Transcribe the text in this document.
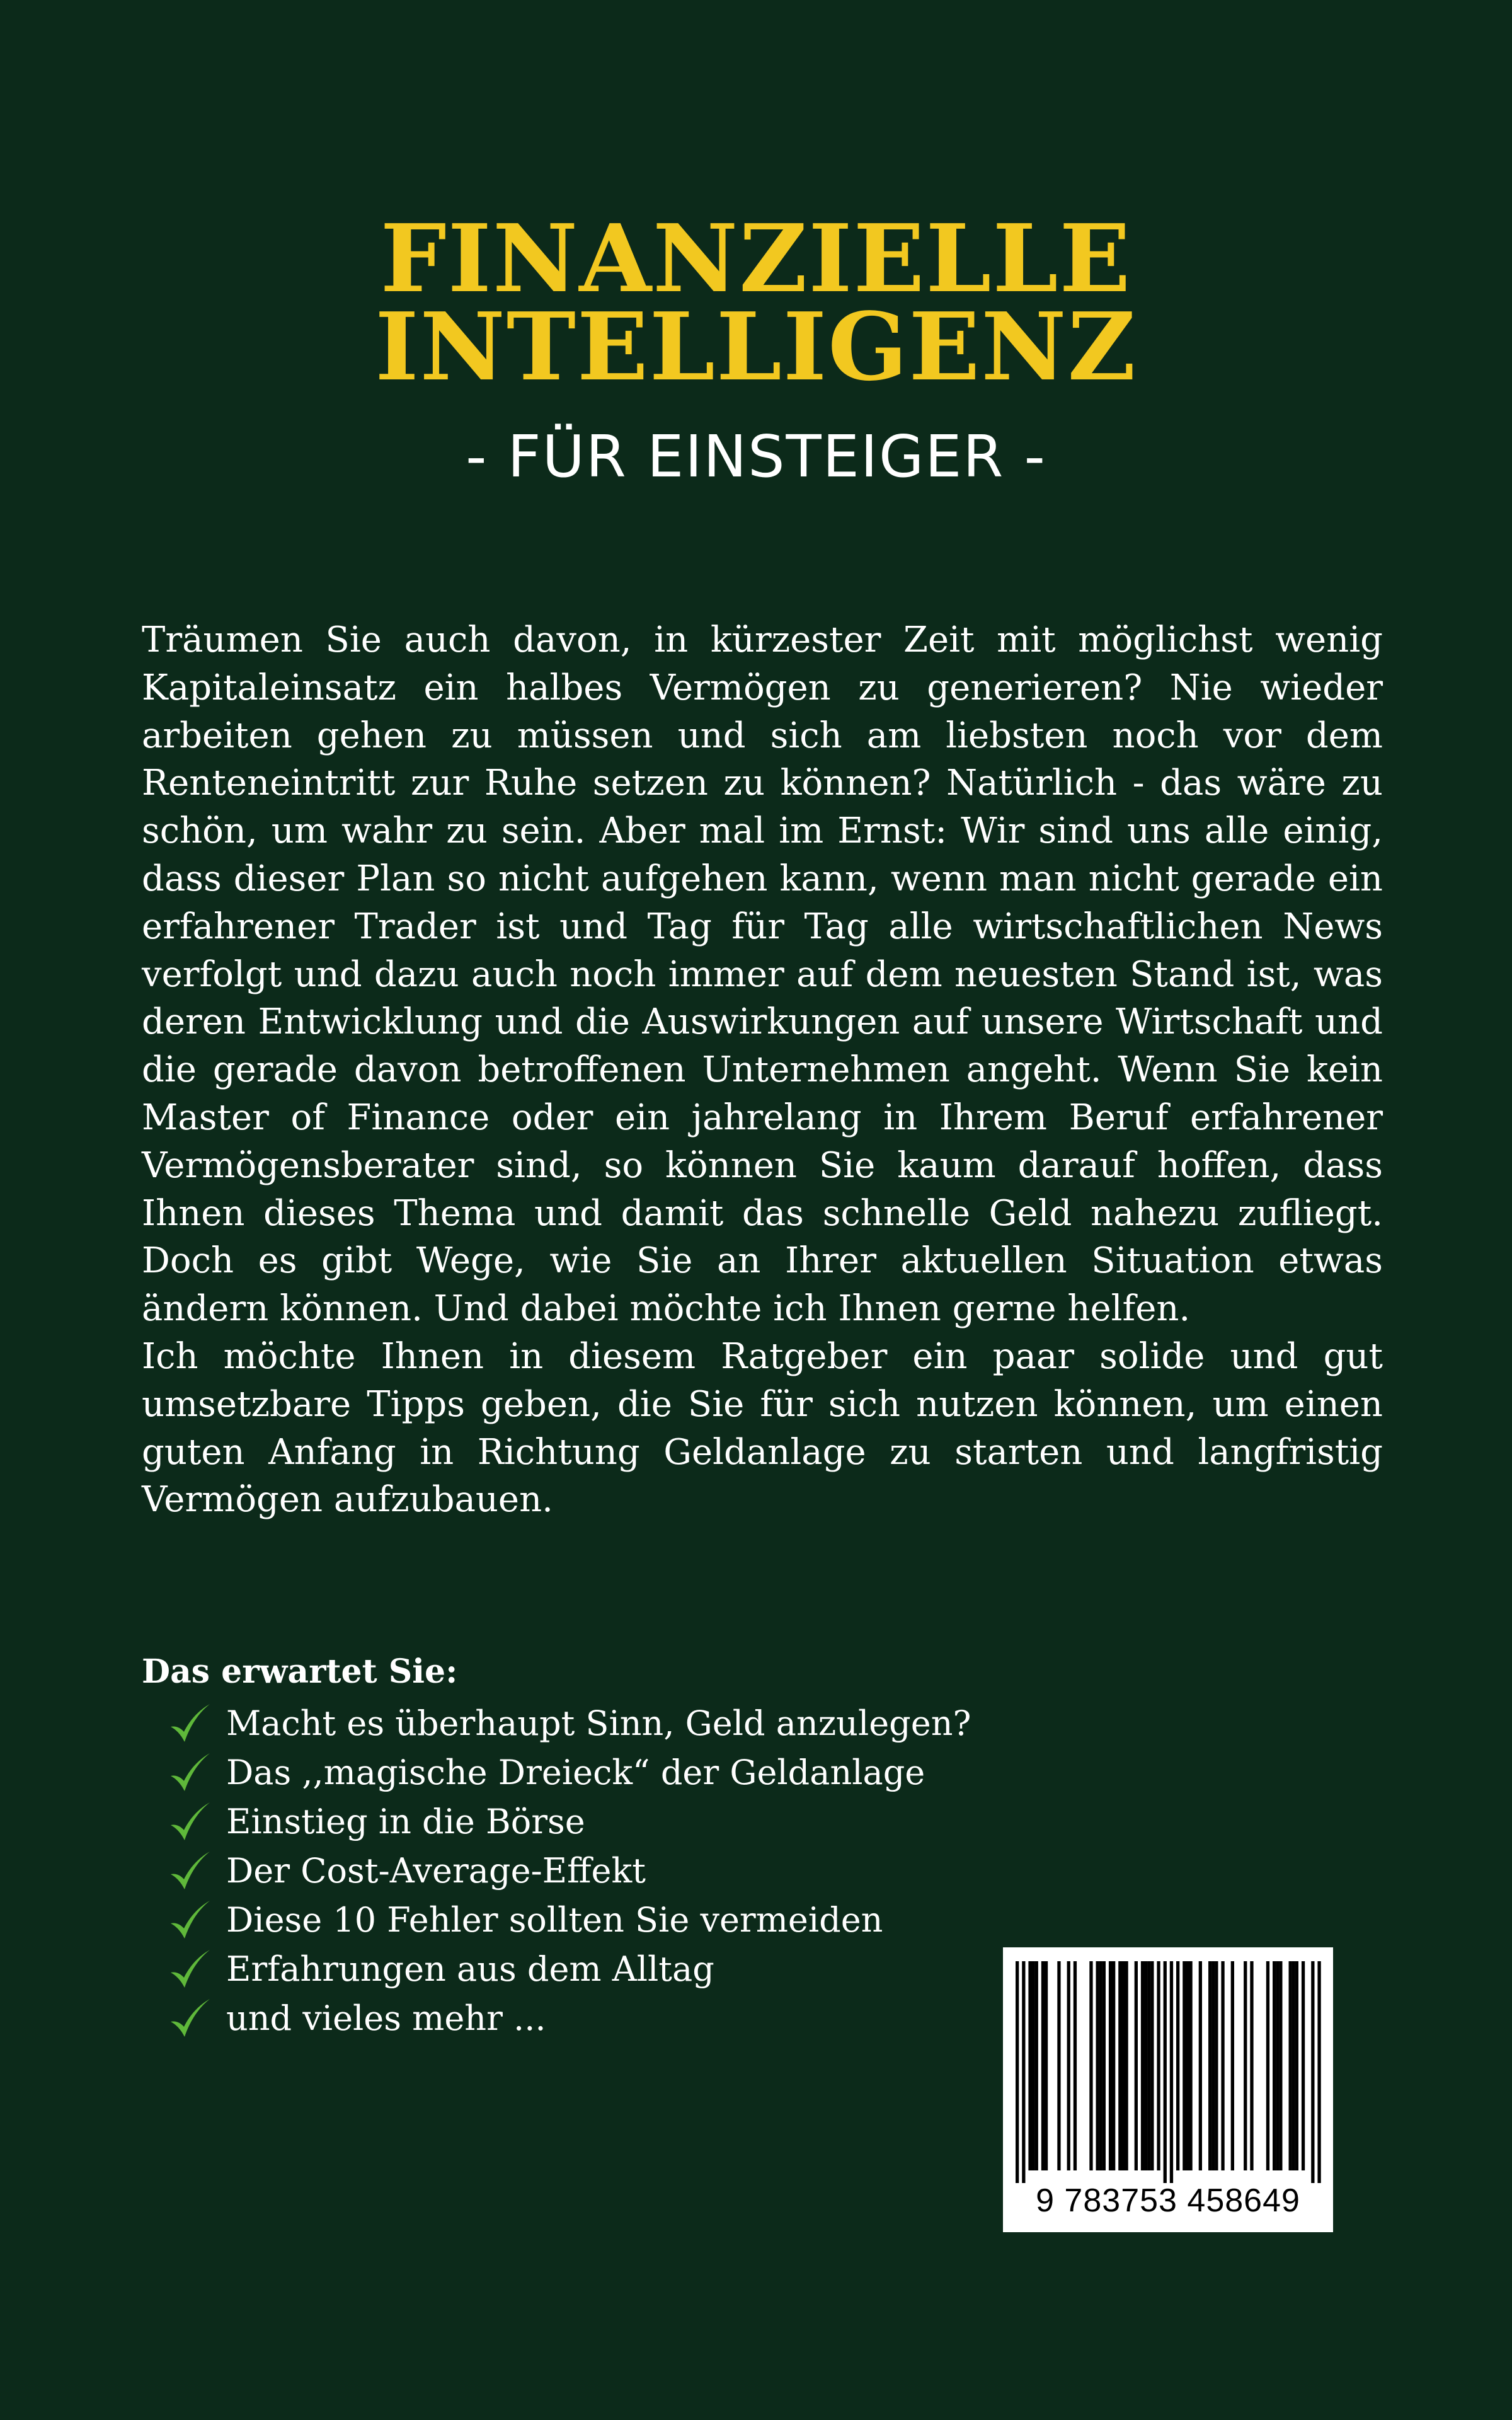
FINANZIELLE
INTELLIGENZ
- FÜR EINSTEIGER -

Träumen Sie auch davon, in kürzester Zeit mit möglichst wenig Kapitaleinsatz ein halbes Vermögen zu generieren? Nie wieder arbeiten gehen zu müssen und sich am liebsten noch vor dem Renteneintritt zur Ruhe setzen zu können? Natürlich - das wäre zu schön, um wahr zu sein. Aber mal im Ernst: Wir sind uns alle einig, dass dieser Plan so nicht aufgehen kann, wenn man nicht gerade ein erfahrener Trader ist und Tag für Tag alle wirtschaftlichen News verfolgt und dazu auch noch immer auf dem neuesten Stand ist, was deren Entwicklung und die Auswirkungen auf unsere Wirtschaft und die gerade davon betroffenen Unternehmen angeht. Wenn Sie kein Master of Finance oder ein jahrelang in Ihrem Beruf erfahrener Vermögensberater sind, so können Sie kaum darauf hoffen, dass Ihnen dieses Thema und damit das schnelle Geld nahezu zufliegt. Doch es gibt Wege, wie Sie an Ihrer aktuellen Situation etwas ändern können. Und dabei möchte ich Ihnen gerne helfen.

Ich möchte Ihnen in diesem Ratgeber ein paar solide und gut umsetzbare Tipps geben, die Sie für sich nutzen können, um einen guten Anfang in Richtung Geldanlage zu starten und langfristig Vermögen aufzubauen.

Das erwartet Sie:

Macht es überhaupt Sinn, Geld anzulegen?
Das ,,magische Dreieck“ der Geldanlage
Einstieg in die Börse
Der Cost-Average-Effekt
Diese 10 Fehler sollten Sie vermeiden
Erfahrungen aus dem Alltag
und vieles mehr ...
9 783753 458649
